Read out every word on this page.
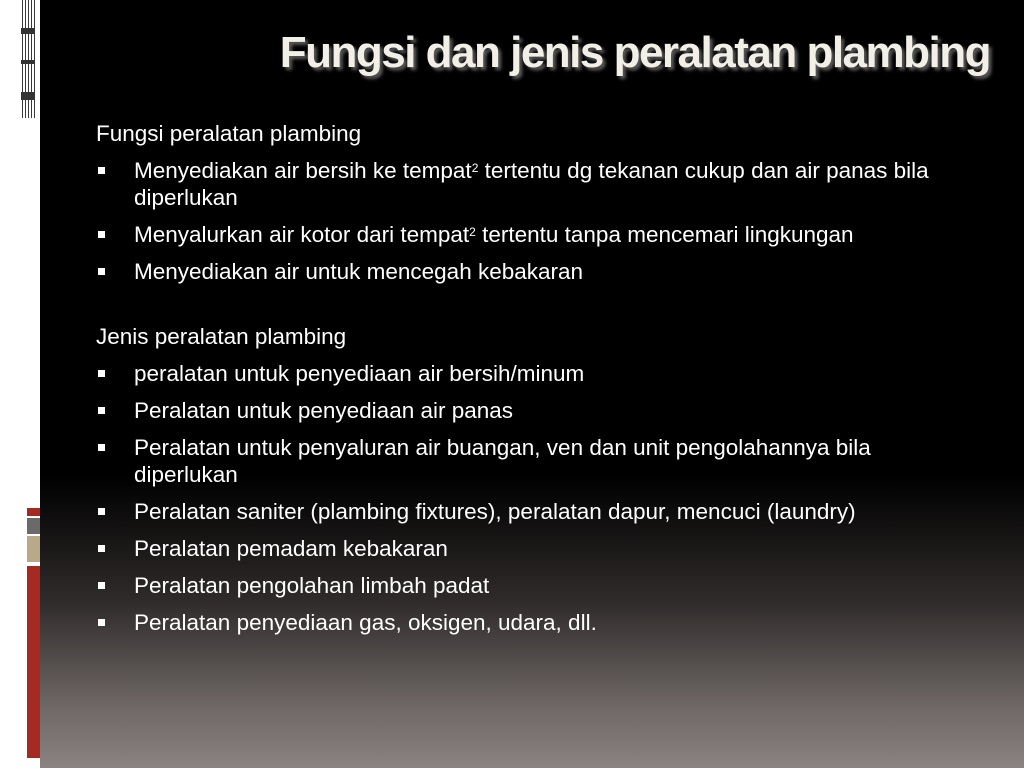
Fungsi dan jenis peralatan plambing
Fungsi peralatan plambing
Menyediakan air bersih ke tempat$^2$ tertentu dg tekanan cukup dan air panas bila diperlukan
Menyalurkan air kotor dari tempat$^2$ tertentu tanpa mencemari lingkungan
Menyediakan air untuk mencegah kebakaran
Jenis peralatan plambing
peralatan untuk penyediaan air bersih/minum
Peralatan untuk penyediaan air panas
Peralatan untuk penyaluran air buangan, ven dan unit pengolahannya bila diperlukan
Peralatan saniter (plambing fixtures), peralatan dapur, mencuci (laundry)
Peralatan pemadam kebakaran
Peralatan pengolahan limbah padat
Peralatan penyediaan gas, oksigen, udara, dll.
